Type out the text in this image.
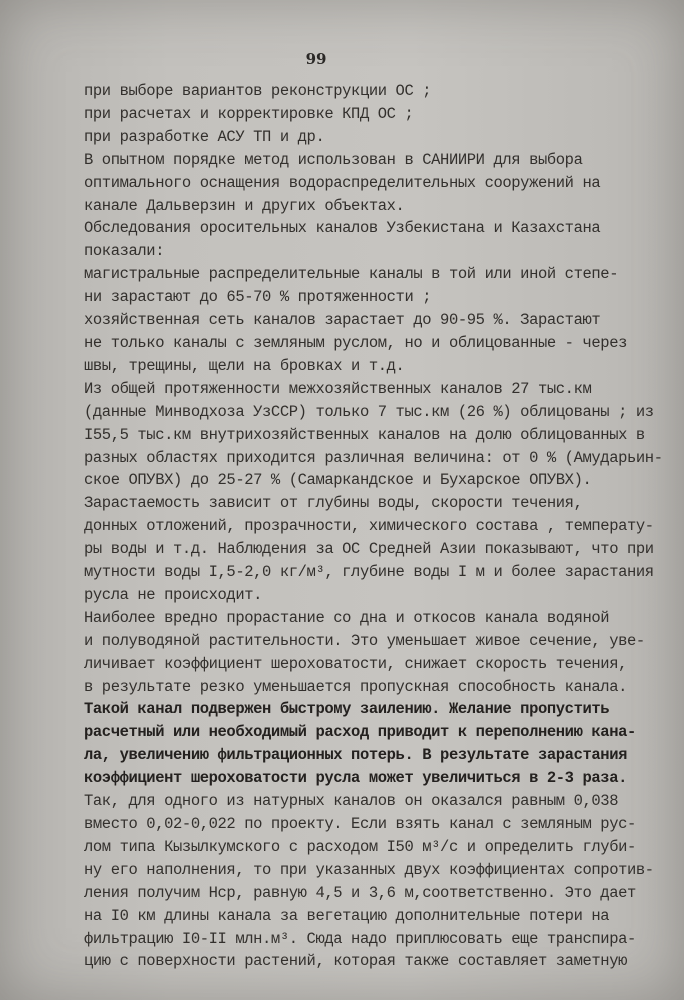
99
при выборе вариантов реконструкции ОС ;
при расчетах и корректировке КПД ОС ;
при разработке АСУ ТП и др.
В опытном порядке метод использован в САНИИРИ для выбора
оптимального оснащения водораспределительных сооружений на
канале Дальверзин и других объектах.
Обследования оросительных каналов Узбекистана и Казахстана
показали:
магистральные распределительные каналы в той или иной степе-
ни зарастают до 65-70 % протяженности ;
хозяйственная сеть каналов зарастает до 90-95 %. Зарастают
не только каналы с земляным руслом, но и облицованные - через
швы, трещины, щели на бровках и т.д.
Из общей протяженности межхозяйственных каналов 27 тыс.км
(данные Минводхоза УзССР) только 7 тыс.км (26 %) облицованы ; из
I55,5 тыс.км внутрихозяйственных каналов на долю облицованных в
разных областях приходится различная величина: от 0 % (Амударьин-
ское ОПУВХ) до 25-27 % (Самаркандское и Бухарское ОПУВХ).
Зарастаемость зависит от глубины воды, скорости течения,
донных отложений, прозрачности, химического состава , температу-
ры воды и т.д. Наблюдения за ОС Средней Азии показывают, что при
мутности воды I,5-2,0 кг/м³, глубине воды I м и более зарастания
русла не происходит.
Наиболее вредно прорастание со дна и откосов канала водяной
и полуводяной растительности. Это уменьшает живое сечение, уве-
личивает коэффициент шероховатости, снижает скорость течения,
в результате резко уменьшается пропускная способность канала.
Такой канал подвержен быстрому заилению. Желание пропустить
расчетный или необходимый расход приводит к переполнению кана-
ла, увеличению фильтрационных потерь. В результате зарастания
коэффициент шероховатости русла может увеличиться в 2-3 раза.
Так, для одного из натурных каналов он оказался равным 0,038
вместо 0,02-0,022 по проекту. Если взять канал с земляным рус-
лом типа Кызылкумского с расходом I50 м³/с и определить глуби-
ну его наполнения, то при указанных двух коэффициентах сопротив-
ления получим Нср, равную 4,5 и 3,6 м,соответственно. Это дает
на I0 км длины канала за вегетацию дополнительные потери на
фильтрацию I0-II млн.м³. Сюда надо приплюсовать еще транспира-
цию с поверхности растений, которая также составляет заметную
